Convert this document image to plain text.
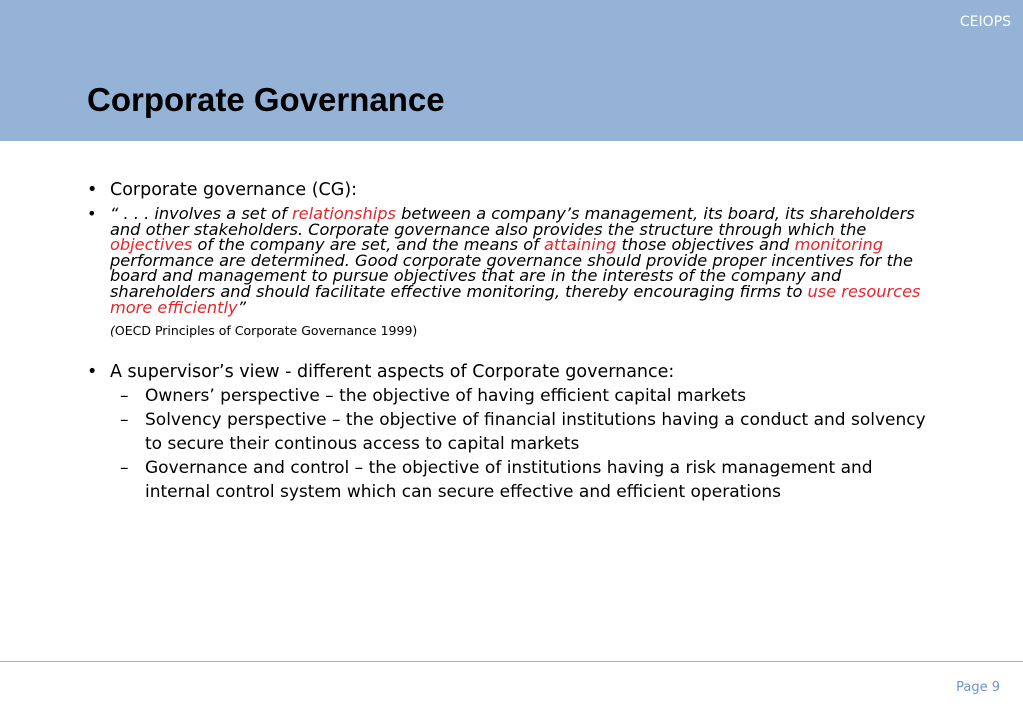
CEIOPS
Corporate Governance
• Corporate governance (CG):
• “ . . . involves a set of relationships between a company’s management, its board, its shareholders and other stakeholders. Corporate governance also provides the structure through which the objectives of the company are set, and the means of attaining those objectives and monitoring performance are determined. Good corporate governance should provide proper incentives for the board and management to pursue objectives that are in the interests of the company and shareholders and should facilitate effective monitoring, thereby encouraging firms to use resources more efficiently”
(OECD Principles of Corporate Governance 1999)
• A supervisor’s view - different aspects of Corporate governance:
– Owners’ perspective – the objective of having efficient capital markets
– Solvency perspective – the objective of financial institutions having a conduct and solvency to secure their continous access to capital markets
– Governance and control – the objective of institutions having a risk management and internal control system which can secure effective and efficient operations
Page 9
